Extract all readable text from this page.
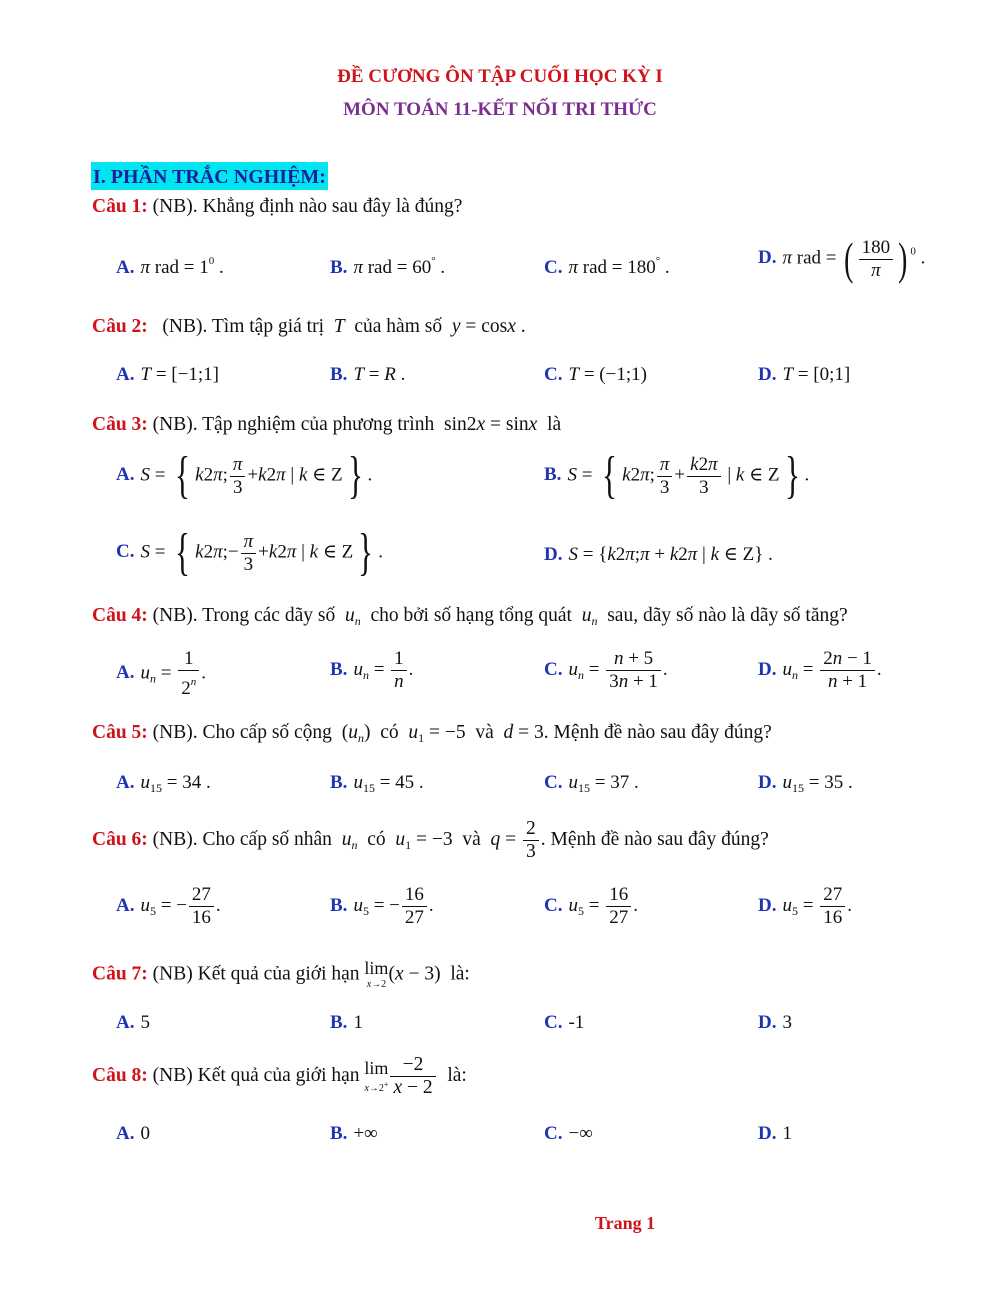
ĐỀ CƯƠNG ÔN TẬP CUỐI HỌC KỲ I
MÔN TOÁN 11-KẾT NỐI TRI THỨC
I. PHẦN TRẮC NGHIỆM:
Câu 1: (NB). Khẳng định nào sau đây là đúng?
A. π rad = $1^0$ .	B. π rad = 60° .	C. π rad = 180° .	D. π rad = ( $\frac{180}{\pi}$ ) $^0$ .
Câu 2: (NB). Tìm tập giá trị  T  của hàm số  y = cosx .
A. T = [−1;1]	B. T = R .	C. T = (−1;1)	D. T = [0;1]
Câu 3: (NB). Tập nghiệm của phương trình  sin2x = sinx là
A. S = { k2π; $\frac{\pi}{3} +k2\pi$ | k ∈ Z} .	B. S = { k2π; $\frac{\pi}{3} + \frac{k2\pi}{3}$ | k ∈ Z} .
C. S = { k2π;− $\frac{\pi}{3} +k2\pi$ | k ∈ Z} .	D. S = {k2π;π + k2π | k ∈ Z} .
Câu 4: (NB). Trong các dãy số  $u_n$ cho bởi số hạng tổng quát  $u_n$ sau, dãy số nào là dãy số tăng?
A. $u_n = \frac{1}{2^n}$ .	B. $u_n = \frac{1}{n}$ .	C. $u_n = \frac{n + 5}{3n + 1}$ .	D. $u_n = \frac{2n - 1}{n + 1}$ .
Câu 5: (NB). Cho cấp số cộng  $(u_n)$  có  $u_1 = -5$  và  d = 3. Mệnh đề nào sau đây đúng?
A. $u_{15} = 34$ .	B. $u_{15} = 45$ .	C. $u_{15} = 37$ .	D. $u_{15} = 35$ .
Câu 6: (NB). Cho cấp số nhân  $u_n$ có  $u_1 = -3$  và  $q = \frac{2}{3}$ . Mệnh đề nào sau đây đúng?
A. $u_5$ = − $\frac{27}{16}$ .	B. $u_5$ = − $\frac{16}{27}$ .	C. $u_5 = \frac{16}{27}$ .	D. $u_5 = \frac{27}{16}$ .
Câu 7: (NB) Kết quả của giới hạn lim
x→2
(x − 3)  là:
A. 5	B. 1	C. -1	D. 3
Câu 8: (NB) Kết quả của giới hạn lim
$x\to 2^+ \frac{-2}{x - 2}$ là:
A. 0	B. +∞	C. −∞	D. 1
Trang 1
